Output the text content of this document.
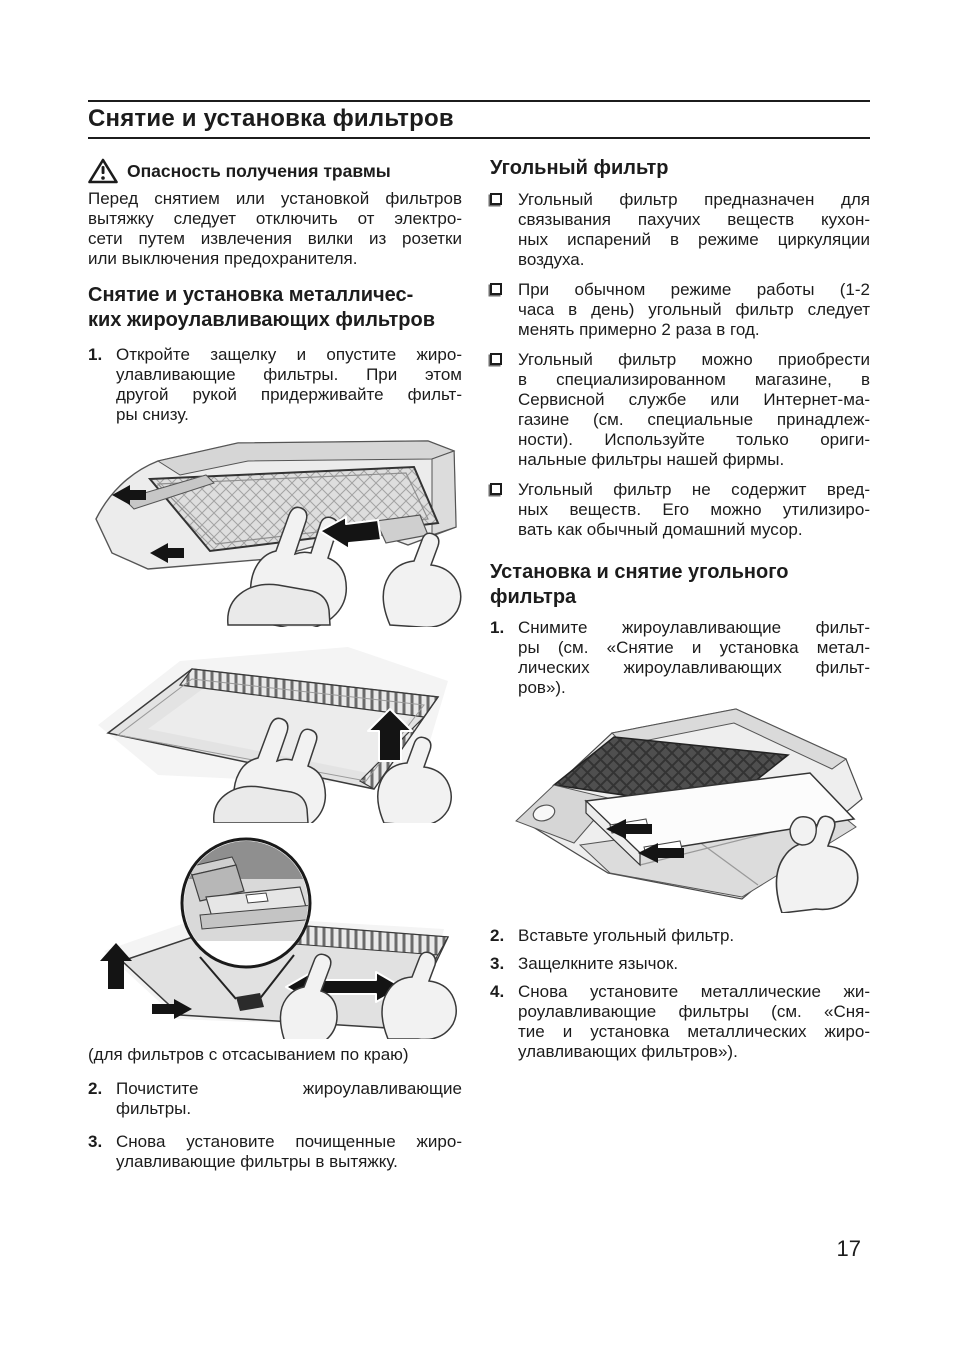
Снятие и установка фильтров
Опасность получения травмы
Перед снятием или установкой фильтров
вытяжку следует отключить от электро-
сети путем извлечения вилки из розетки
или выключения предохранителя.
Снятие и установка металличес-
ких жироулавливающих фильтров
1. Откройте защелку и опустите жиро-
улавливающие фильтры. При этом
другой рукой придерживайте фильт-
ры снизу.
(для фильтров с отсасыванием по краю)
2. Почистите жироулавливающие
фильтры.
3. Снова установите почищенные жиро-
улавливающие фильтры в вытяжку.
Угольный фильтр
Угольный фильтр предназначен для
связывания пахучих веществ кухон-
ных испарений в режиме циркуляции
воздуха.
При обычном режиме работы (1-2
часа в день) угольный фильтр следует
менять примерно 2 раза в год.
Угольный фильтр можно приобрести
в специализированном магазине, в
Сервисной службе или Интернет-ма-
газине (см. специальные принадлеж-
ности). Используйте только ориги-
нальные фильтры нашей фирмы.
Угольный фильтр не содержит вред-
ных веществ. Его можно утилизиро-
вать как обычный домашний мусор.
Установка и снятие угольного
фильтра
1. Снимите жироулавливающие фильт-
ры (см. «Снятие и установка метал-
лических жироулавливающих фильт-
ров»).
2. Вставьте угольный фильтр.
3. Защелкните язычок.
4. Снова установите металлические жи-
роулавливающие фильтры (см. «Сня-
тие и установка металлических жиро-
улавливающих фильтров»).
17
